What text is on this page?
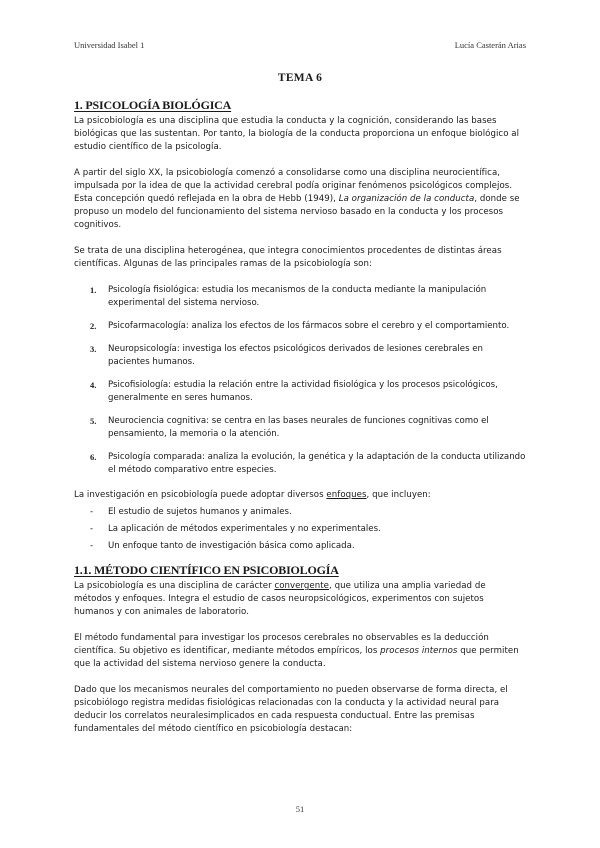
Universidad Isabel 1	Lucía Casterán Arias
TEMA 6
1. PSICOLOGÍA BIOLÓGICA

La psicobiología es una disciplina que estudia la conducta y la cognición, considerando las bases biológicas que las sustentan. Por tanto, la biología de la conducta proporciona un enfoque biológico al estudio científico de la psicología.

A partir del siglo XX, la psicobiología comenzó a consolidarse como una disciplina neurocientífica, impulsada por la idea de que la actividad cerebral podía originar fenómenos psicológicos complejos. Esta concepción quedó reflejada en la obra de Hebb (1949), La organización de la conducta, donde se propuso un modelo del funcionamiento del sistema nervioso basado en la conducta y los procesos cognitivos.

Se trata de una disciplina heterogénea, que integra conocimientos procedentes de distintas áreas científicas. Algunas de las principales ramas de la psicobiología son:

1. Psicología fisiológica: estudia los mecanismos de la conducta mediante la manipulación experimental del sistema nervioso.
2. Psicofarmacología: analiza los efectos de los fármacos sobre el cerebro y el comportamiento.
3. Neuropsicología: investiga los efectos psicológicos derivados de lesiones cerebrales en pacientes humanos.
4. Psicofisiología: estudia la relación entre la actividad fisiológica y los procesos psicológicos, generalmente en seres humanos.
5. Neurociencia cognitiva: se centra en las bases neurales de funciones cognitivas como el pensamiento, la memoria o la atención.
6. Psicología comparada: analiza la evolución, la genética y la adaptación de la conducta utilizando el método comparativo entre especies.

La investigación en psicobiología puede adoptar diversos enfoques, que incluyen:

- El estudio de sujetos humanos y animales.
- La aplicación de métodos experimentales y no experimentales.
- Un enfoque tanto de investigación básica como aplicada.
1.1. MÉTODO CIENTÍFICO EN PSICOBIOLOGÍA

La psicobiología es una disciplina de carácter convergente, que utiliza una amplia variedad de métodos y enfoques. Integra el estudio de casos neuropsicológicos, experimentos con sujetos humanos y con animales de laboratorio.

El método fundamental para investigar los procesos cerebrales no observables es la deducción científica. Su objetivo es identificar, mediante métodos empíricos, los procesos internos que permiten que la actividad del sistema nervioso genere la conducta.

Dado que los mecanismos neurales del comportamiento no pueden observarse de forma directa, el psicobiólogo registra medidas fisiológicas relacionadas con la conducta y la actividad neural para deducir los correlatos neuralesimplicados en cada respuesta conductual. Entre las premisas fundamentales del método científico en psicobiología destacan:

51
